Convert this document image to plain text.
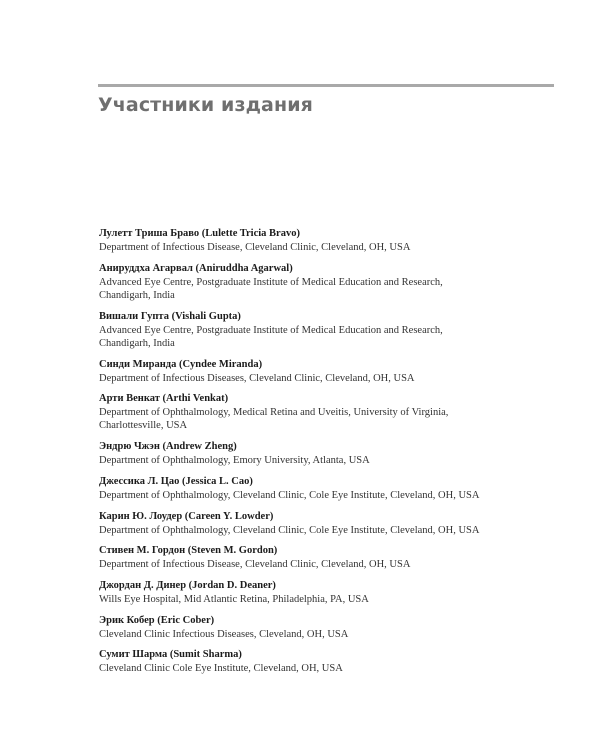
Участники издания
Лулетт Триша Браво (Lulette Tricia Bravo)
Department of Infectious Disease, Cleveland Clinic, Cleveland, OH, USA
Анируддха Агарвал (Aniruddha Agarwal)
Advanced Eye Centre, Postgraduate Institute of Medical Education and Research, Chandigarh, India
Вишали Гупта (Vishali Gupta)
Advanced Eye Centre, Postgraduate Institute of Medical Education and Research, Chandigarh, India
Синди Миранда (Cyndee Miranda)
Department of Infectious Diseases, Cleveland Clinic, Cleveland, OH, USA
Арти Венкат (Arthi Venkat)
Department of Ophthalmology, Medical Retina and Uveitis, University of Virginia, Charlottesville, USA
Эндрю Чжэн (Andrew Zheng)
Department of Ophthalmology, Emory University, Atlanta, USA
Джессика Л. Цао (Jessica L. Cao)
Department of Ophthalmology, Cleveland Clinic, Cole Eye Institute, Cleveland, OH, USA
Карин Ю. Лоудер (Careen Y. Lowder)
Department of Ophthalmology, Cleveland Clinic, Cole Eye Institute, Cleveland, OH, USA
Стивен М. Гордон (Steven M. Gordon)
Department of Infectious Disease, Cleveland Clinic, Cleveland, OH, USA
Джордан Д. Динер (Jordan D. Deaner)
Wills Eye Hospital, Mid Atlantic Retina, Philadelphia, PA, USA
Эрик Кобер (Eric Cober)
Cleveland Clinic Infectious Diseases, Cleveland, OH, USA
Сумит Шарма (Sumit Sharma)
Cleveland Clinic Cole Eye Institute, Cleveland, OH, USA
